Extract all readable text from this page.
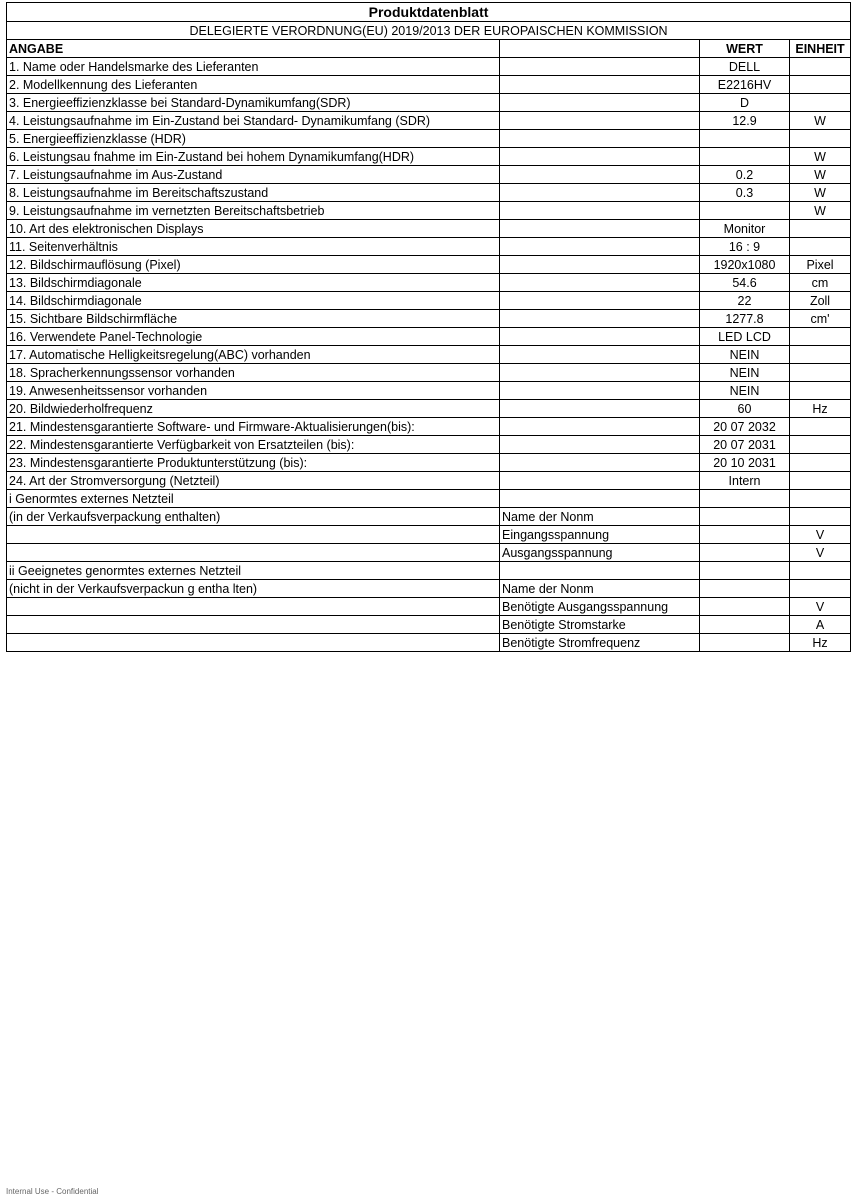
Produktdatenblatt			
DELEGIERTE VERORDNUNG(EU) 2019/2013 DER EUROPAISCHEN KOMMISSION			
ANGABE		WERT	EINHEIT
1. Name oder Handelsmarke des Lieferanten		DELL	
2. Modellkennung des Lieferanten		E2216HV	
3. Energieeffizienzklasse bei Standard-Dynamikumfang(SDR)		D	
4. Leistungsaufnahme im Ein-Zustand bei Standard- Dynamikumfang (SDR)		12.9	W
5. Energieeffizienzklasse (HDR)			
6. Leistungsau fnahme im Ein-Zustand bei hohem Dynamikumfang(HDR)			W
7. Leistungsaufnahme im Aus-Zustand		0.2	W
8. Leistungsaufnahme im Bereitschaftszustand		0.3	W
9. Leistungsaufnahme im vernetzten Bereitschaftsbetrieb			W
10. Art des elektronischen Displays		Monitor	
11. Seitenverhältnis		16 : 9	
12. Bildschirmauflösung (Pixel)		1920x1080	Pixel
13. Bildschirmdiagonale		54.6	cm
14. Bildschirmdiagonale		22	Zoll
15. Sichtbare Bildschirmfläche		1277.8	cm'
16. Verwendete Panel-Technologie		LED LCD	
17. Automatische Helligkeitsregelung(ABC) vorhanden		NEIN	
18. Spracherkennungssensor vorhanden		NEIN	
19. Anwesenheitssensor vorhanden		NEIN	
20. Bildwiederholfrequenz		60	Hz
21. Mindestensgarantierte Software- und Firmware-Aktualisierungen(bis):		20 07 2032	
22. Mindestensgarantierte Verfügbarkeit von Ersatzteilen (bis):		20 07 2031	
23. Mindestensgarantierte Produktunterstützung (bis):		20 10 2031	
24. Art der Stromversorgung (Netzteil)		Intern	
i Genormtes externes Netzteil			
(in der Verkaufsverpackung enthalten)	Name der Nonm		
	Eingangsspannung		V
	Ausgangsspannung		V
ii Geeignetes genormtes externes Netzteil			
(nicht in der Verkaufsverpackun g entha lten)	Name der Nonm		
	Benötigte Ausgangsspannung		V
	Benötigte Stromstarke		A
	Benötigte Stromfrequenz		Hz
Internal Use - Confidential
